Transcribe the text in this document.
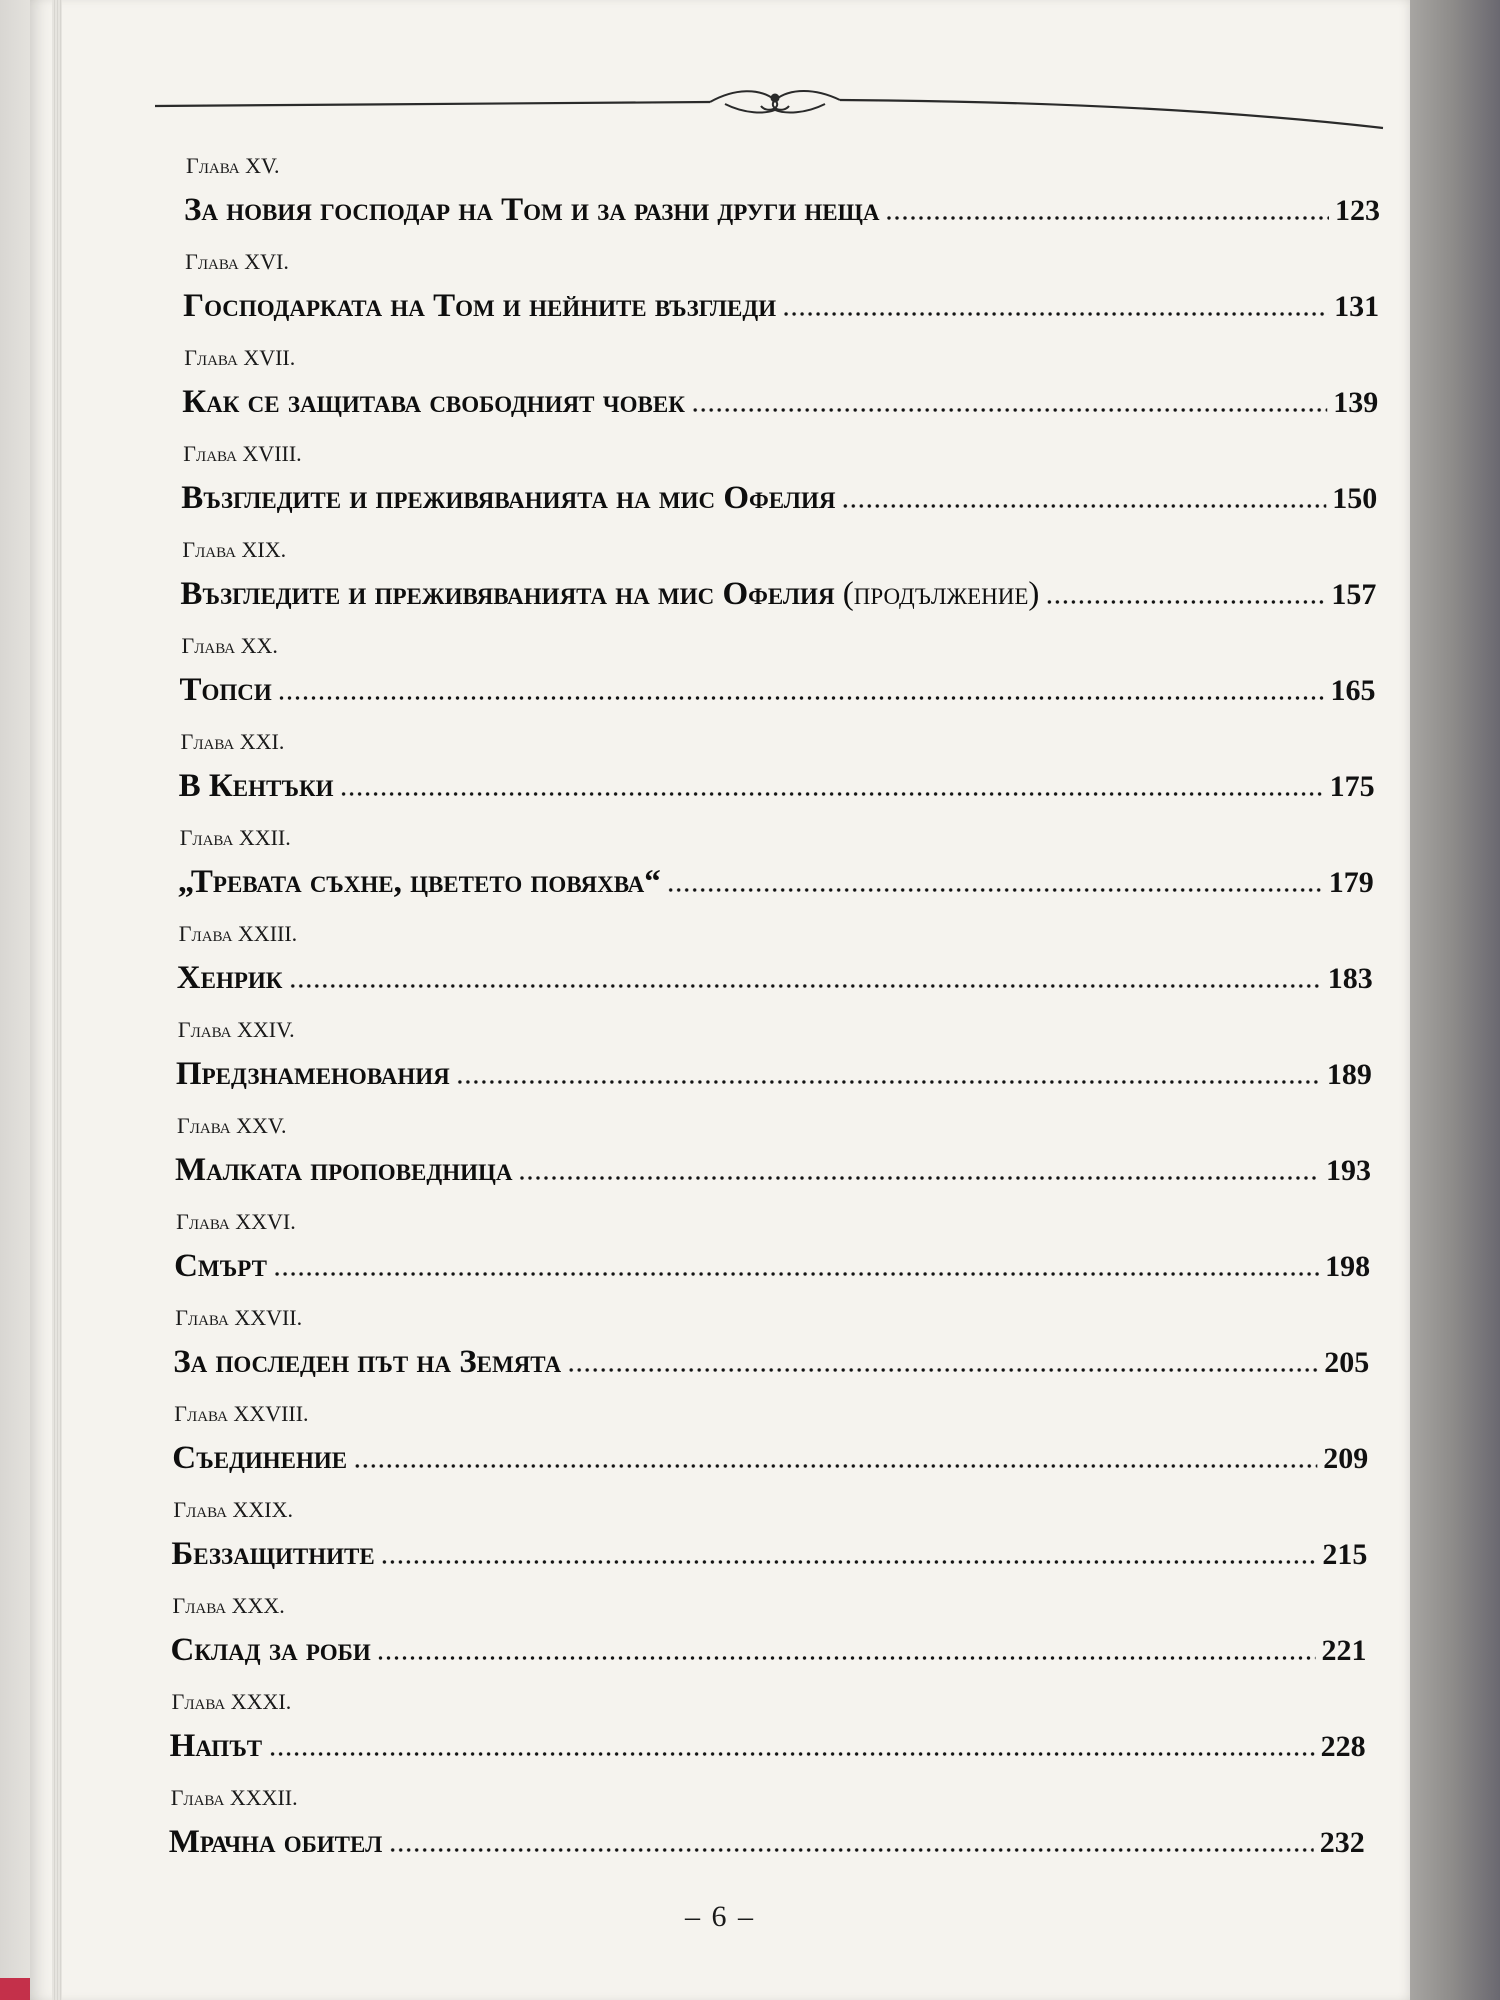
Глава XV.
За новия господар на Том и за разни други неща	123
Глава XVI.
Господарката на Том и нейните възгледи	131
Глава XVII.
Как се защитава свободният човек	139
Глава XVIII.
Възгледите и преживяванията на мис Офелия	150
Глава XIX.
Възгледите и преживяванията на мис Офелия (продължение)	157
Глава XX.
Топси	165
Глава XXI.
В Кентъки	175
Глава XXII.
„Тревата съхне, цветето повяхва“	179
Глава XXIII.
Хенрик	183
Глава XXIV.
Предзнаменования	189
Глава XXV.
Малката проповедница	193
Глава XXVI.
Смърт	198
Глава XXVII.
За последен път на Земята	205
Глава XXVIII.
Съединение	209
Глава XXIX.
Беззащитните	215
Глава XXX.
Склад за роби	221
Глава XXXI.
Напът	228
Глава XXXII.
Мрачна обител	232
– 6 –
